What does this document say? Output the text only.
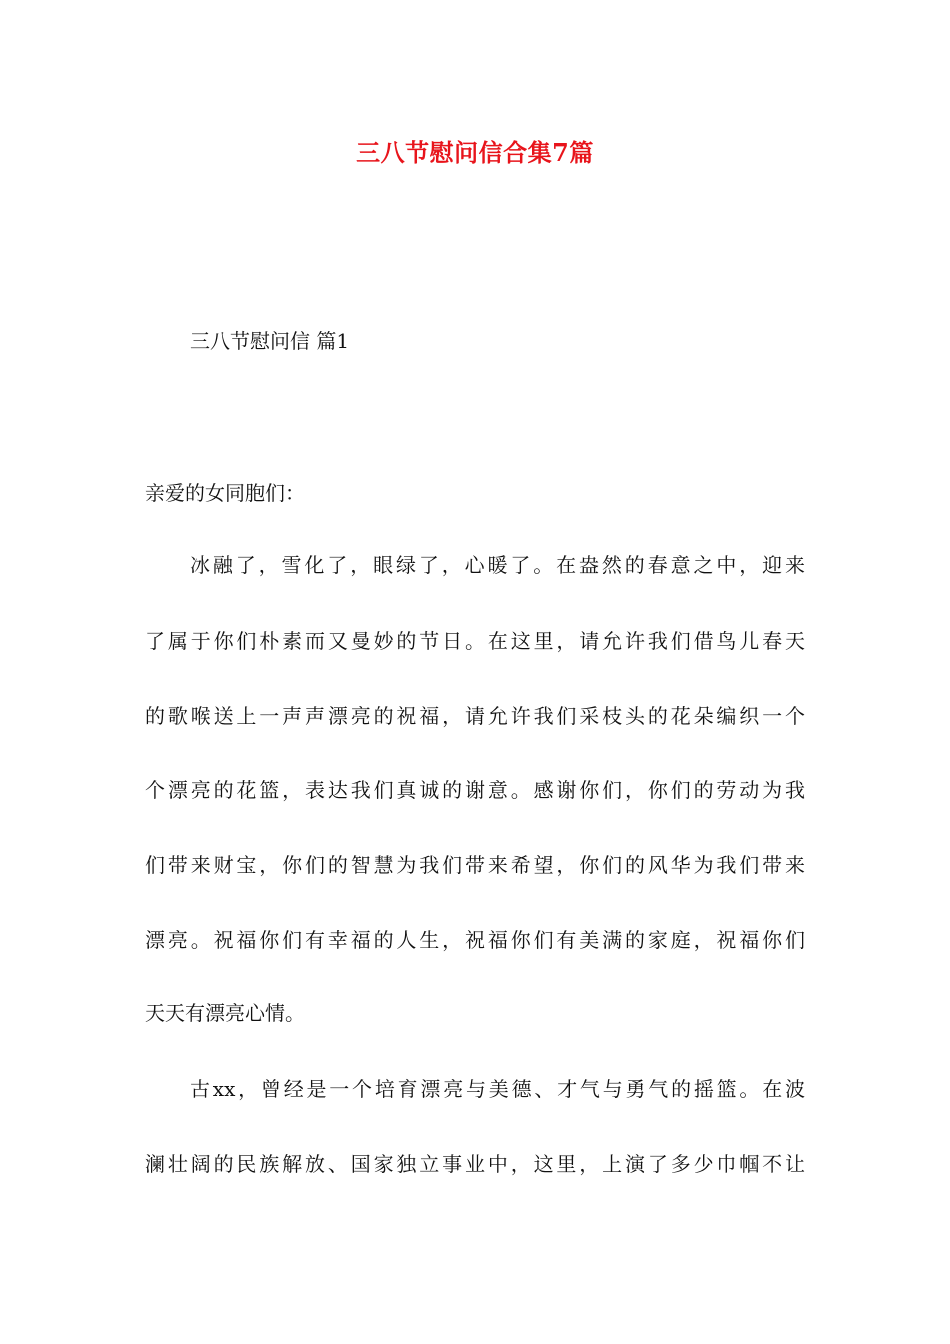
三八节慰问信合集7篇
三八节慰问信 篇1
亲爱的女同胞们：
冰融了，雪化了，眼绿了，心暖了。在盎然的春意之中，迎来
了属于你们朴素而又曼妙的节日。在这里，请允许我们借鸟儿春天
的歌喉送上一声声漂亮的祝福，请允许我们采枝头的花朵编织一个
个漂亮的花篮，表达我们真诚的谢意。感谢你们，你们的劳动为我
们带来财宝，你们的智慧为我们带来希望，你们的风华为我们带来
漂亮。祝福你们有幸福的人生，祝福你们有美满的家庭，祝福你们
天天有漂亮心情。
古xx，曾经是一个培育漂亮与美德、才气与勇气的摇篮。在波
澜壮阔的民族解放、国家独立事业中，这里，上演了多少巾帼不让
